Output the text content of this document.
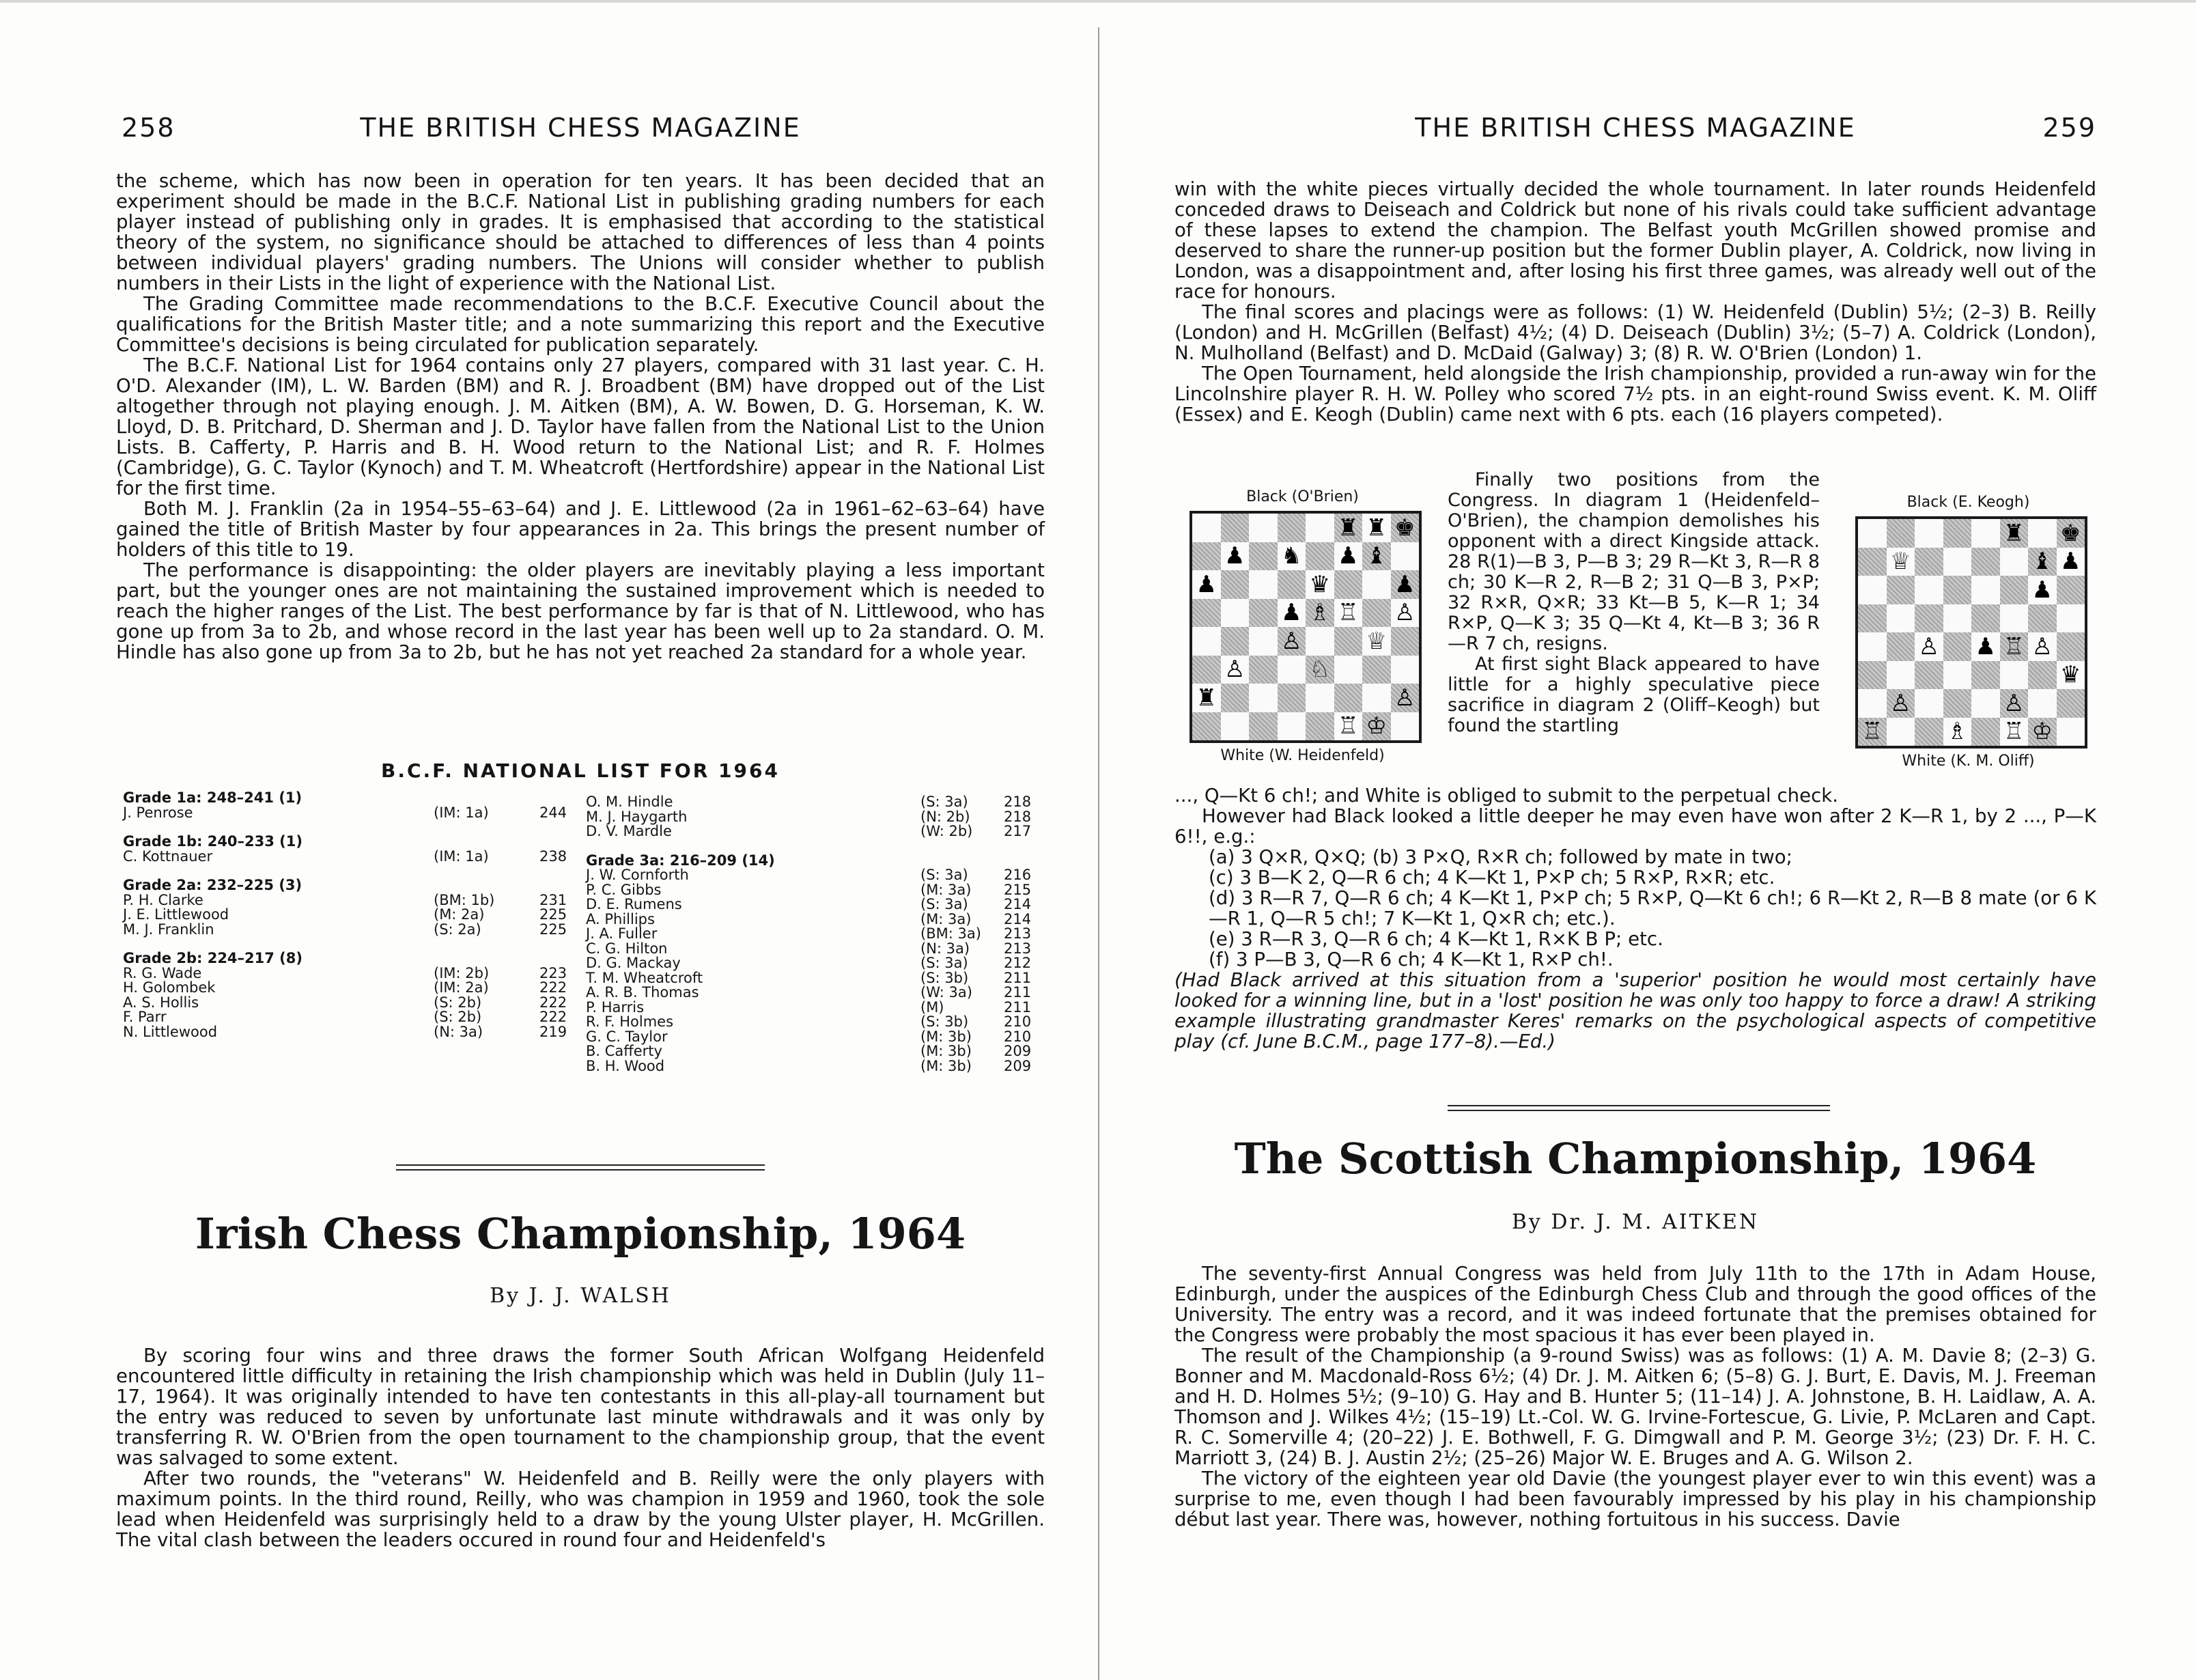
258	THE BRITISH CHESS MAGAZINE

the scheme, which has now been in operation for ten years. It has been decided that an experiment should be made in the B.C.F. National List in publishing grading numbers for each player instead of publishing only in grades. It is emphasised that according to the statistical theory of the system, no significance should be attached to differences of less than 4 points between individual players' grading numbers. The Unions will consider whether to publish numbers in their Lists in the light of experience with the National List.

The Grading Committee made recommendations to the B.C.F. Executive Council about the qualifications for the British Master title; and a note summarizing this report and the Executive Committee's decisions is being circulated for publication separately.

The B.C.F. National List for 1964 contains only 27 players, compared with 31 last year. C. H. O'D. Alexander (IM), L. W. Barden (BM) and R. J. Broadbent (BM) have dropped out of the List altogether through not playing enough. J. M. Aitken (BM), A. W. Bowen, D. G. Horseman, K. W. Lloyd, D. B. Pritchard, D. Sherman and J. D. Taylor have fallen from the National List to the Union Lists. B. Cafferty, P. Harris and B. H. Wood return to the National List; and R. F. Holmes (Cambridge), G. C. Taylor (Kynoch) and T. M. Wheatcroft (Hertfordshire) appear in the National List for the first time.

Both M. J. Franklin (2a in 1954–55–63–64) and J. E. Littlewood (2a in 1961–62–63–64) have gained the title of British Master by four appearances in 2a. This brings the present number of holders of this title to 19.

The performance is disappointing: the older players are inevitably playing a less important part, but the younger ones are not maintaining the sustained improvement which is needed to reach the higher ranges of the List. The best performance by far is that of N. Littlewood, who has gone up from 3a to 2b, and whose record in the last year has been well up to 2a standard. O. M. Hindle has also gone up from 3a to 2b, but he has not yet reached 2a standard for a whole year.

B.C.F. NATIONAL LIST FOR 1964
Grade 1a: 248–241 (1)
J. Penrose	(IM: 1a)	244
Grade 1b: 240–233 (1)
C. Kottnauer	(IM: 1a)	238
Grade 2a: 232–225 (3)
P. H. Clarke	(BM: 1b)	231
J. E. Littlewood	(M: 2a)	225
M. J. Franklin	(S: 2a)	225
Grade 2b: 224–217 (8)
R. G. Wade	(IM: 2b)	223
H. Golombek	(IM: 2a)	222
A. S. Hollis	(S: 2b)	222
F. Parr	(S: 2b)	222
N. Littlewood	(N: 3a)	219
O. M. Hindle	(S: 3a) 218
M. J. Haygarth	(N: 2b) 218
D. V. Mardle	(W: 2b) 217
Grade 3a: 216–209 (14)
J. W. Cornforth	(S: 3a) 216
P. C. Gibbs	(M: 3a) 215
D. E. Rumens	(S: 3a) 214
A. Phillips	(M: 3a) 214
J. A. Fuller	(BM: 3a) 213
C. G. Hilton	(N: 3a) 213
D. G. Mackay	(S: 3a) 212
T. M. Wheatcroft	(S: 3b) 211
A. R. B. Thomas	(W: 3a) 211
P. Harris	(M)	211
R. F. Holmes	(S: 3b) 210
G. C. Taylor	(M: 3b) 210
B. Cafferty	(M: 3b) 209
B. H. Wood	(M: 3b) 209
Irish Chess Championship, 1964
By J. J. WALSH

By scoring four wins and three draws the former South African Wolfgang Heidenfeld encountered little difficulty in retaining the Irish championship which was held in Dublin (July 11–17, 1964). It was originally intended to have ten contestants in this all-play-all tournament but the entry was reduced to seven by unfortunate last minute withdrawals and it was only by transferring R. W. O'Brien from the open tournament to the championship group, that the event was salvaged to some extent.

After two rounds, the "veterans" W. Heidenfeld and B. Reilly were the only players with maximum points. In the third round, Reilly, who was champion in 1959 and 1960, took the sole lead when Heidenfeld was surprisingly held to a draw by the young Ulster player, H. McGrillen. The vital clash between the leaders occured in round four and Heidenfeld's

THE BRITISH CHESS MAGAZINE	259

win with the white pieces virtually decided the whole tournament. In later rounds Heidenfeld conceded draws to Deiseach and Coldrick but none of his rivals could take sufficient advantage of these lapses to extend the champion. The Belfast youth McGrillen showed promise and deserved to share the runner-up position but the former Dublin player, A. Coldrick, now living in London, was a disappointment and, after losing his first three games, was already well out of the race for honours.

The final scores and placings were as follows: (1) W. Heidenfeld (Dublin) 5½; (2–3) B. Reilly (London) and H. McGrillen (Belfast) 4½; (4) D. Deiseach (Dublin) 3½; (5–7) A. Coldrick (London), N. Mulholland (Belfast) and D. McDaid (Galway) 3; (8) R. W. O'Brien (London) 1.

The Open Tournament, held alongside the Irish championship, provided a run-away win for the Lincolnshire player R. H. W. Polley who scored 7½ pts. in an eight-round Swiss event. K. M. Oliff (Essex) and E. Keogh (Dublin) came next with 6 pts. each (16 players competed).

Black (O'Brien)
♜ ♜ ♚
♟ ♞ ♟ ♝
♟	♛	♟
♟ ♗ ♖ ♙
♙	♕
♙	♘
♜	♙
♖ ♔
White (W. Heidenfeld)
Black (E. Keogh)
♜ ♚
♕	♝ ♟
♟
♙ ♟ ♖ ♙
♛
♙	♙
♖	♗ ♖ ♔
White (K. M. Oliff)

Finally two positions from the Congress. In diagram 1 (Heidenfeld–O'Brien), the champion demolishes his opponent with a direct Kingside attack. 28 R(1)—B 3, P—B 3; 29 R—Kt 3, R—R 8 ch; 30 K—R 2, R—B 2; 31 Q—B 3, P×P; 32 R×R, Q×R; 33 Kt—B 5, K—R 1; 34 R×P, Q—K 3; 35 Q—Kt 4, Kt—B 3; 36 R—R 7 ch, resigns.

At first sight Black appeared to have little for a highly speculative piece sacrifice in diagram 2 (Oliff–Keogh) but found the startling

..., Q—Kt 6 ch!; and White is obliged to submit to the perpetual check.

However had Black looked a little deeper he may even have won after 2 K—R 1, by 2 ..., P—K 6!!, e.g.:

(a) 3 Q×R, Q×Q; (b) 3 P×Q, R×R ch; followed by mate in two;

(c) 3 B—K 2, Q—R 6 ch; 4 K—Kt 1, P×P ch; 5 R×P, R×R; etc.

(d) 3 R—R 7, Q—R 6 ch; 4 K—Kt 1, P×P ch; 5 R×P, Q—Kt 6 ch!; 6 R—Kt 2, R—B 8 mate (or 6 K—R 1, Q—R 5 ch!; 7 K—Kt 1, Q×R ch; etc.).

(e) 3 R—R 3, Q—R 6 ch; 4 K—Kt 1, R×K B P; etc.

(f) 3 P—B 3, Q—R 6 ch; 4 K—Kt 1, R×P ch!.

(Had Black arrived at this situation from a 'superior' position he would most certainly have looked for a winning line, but in a 'lost' position he was only too happy to force a draw! A striking example illustrating grandmaster Keres' remarks on the psychological aspects of competitive play (cf. June B.C.M., page 177–8).—Ed.)

The Scottish Championship, 1964
By Dr. J. M. AITKEN

The seventy-first Annual Congress was held from July 11th to the 17th in Adam House, Edinburgh, under the auspices of the Edinburgh Chess Club and through the good offices of the University. The entry was a record, and it was indeed fortunate that the premises obtained for the Congress were probably the most spacious it has ever been played in.

The result of the Championship (a 9-round Swiss) was as follows: (1) A. M. Davie 8; (2–3) G. Bonner and M. Macdonald-Ross 6½; (4) Dr. J. M. Aitken 6; (5–8) G. J. Burt, E. Davis, M. J. Freeman and H. D. Holmes 5½; (9–10) G. Hay and B. Hunter 5; (11–14) J. A. Johnstone, B. H. Laidlaw, A. A. Thomson and J. Wilkes 4½; (15–19) Lt.-Col. W. G. Irvine-Fortescue, G. Livie, P. McLaren and Capt. R. C. Somerville 4; (20–22) J. E. Bothwell, F. G. Dimgwall and P. M. George 3½; (23) Dr. F. H. C. Marriott 3, (24) B. J. Austin 2½; (25–26) Major W. E. Bruges and A. G. Wilson 2.

The victory of the eighteen year old Davie (the youngest player ever to win this event) was a surprise to me, even though I had been favourably impressed by his play in his championship début last year. There was, however, nothing fortuitous in his success. Davie
